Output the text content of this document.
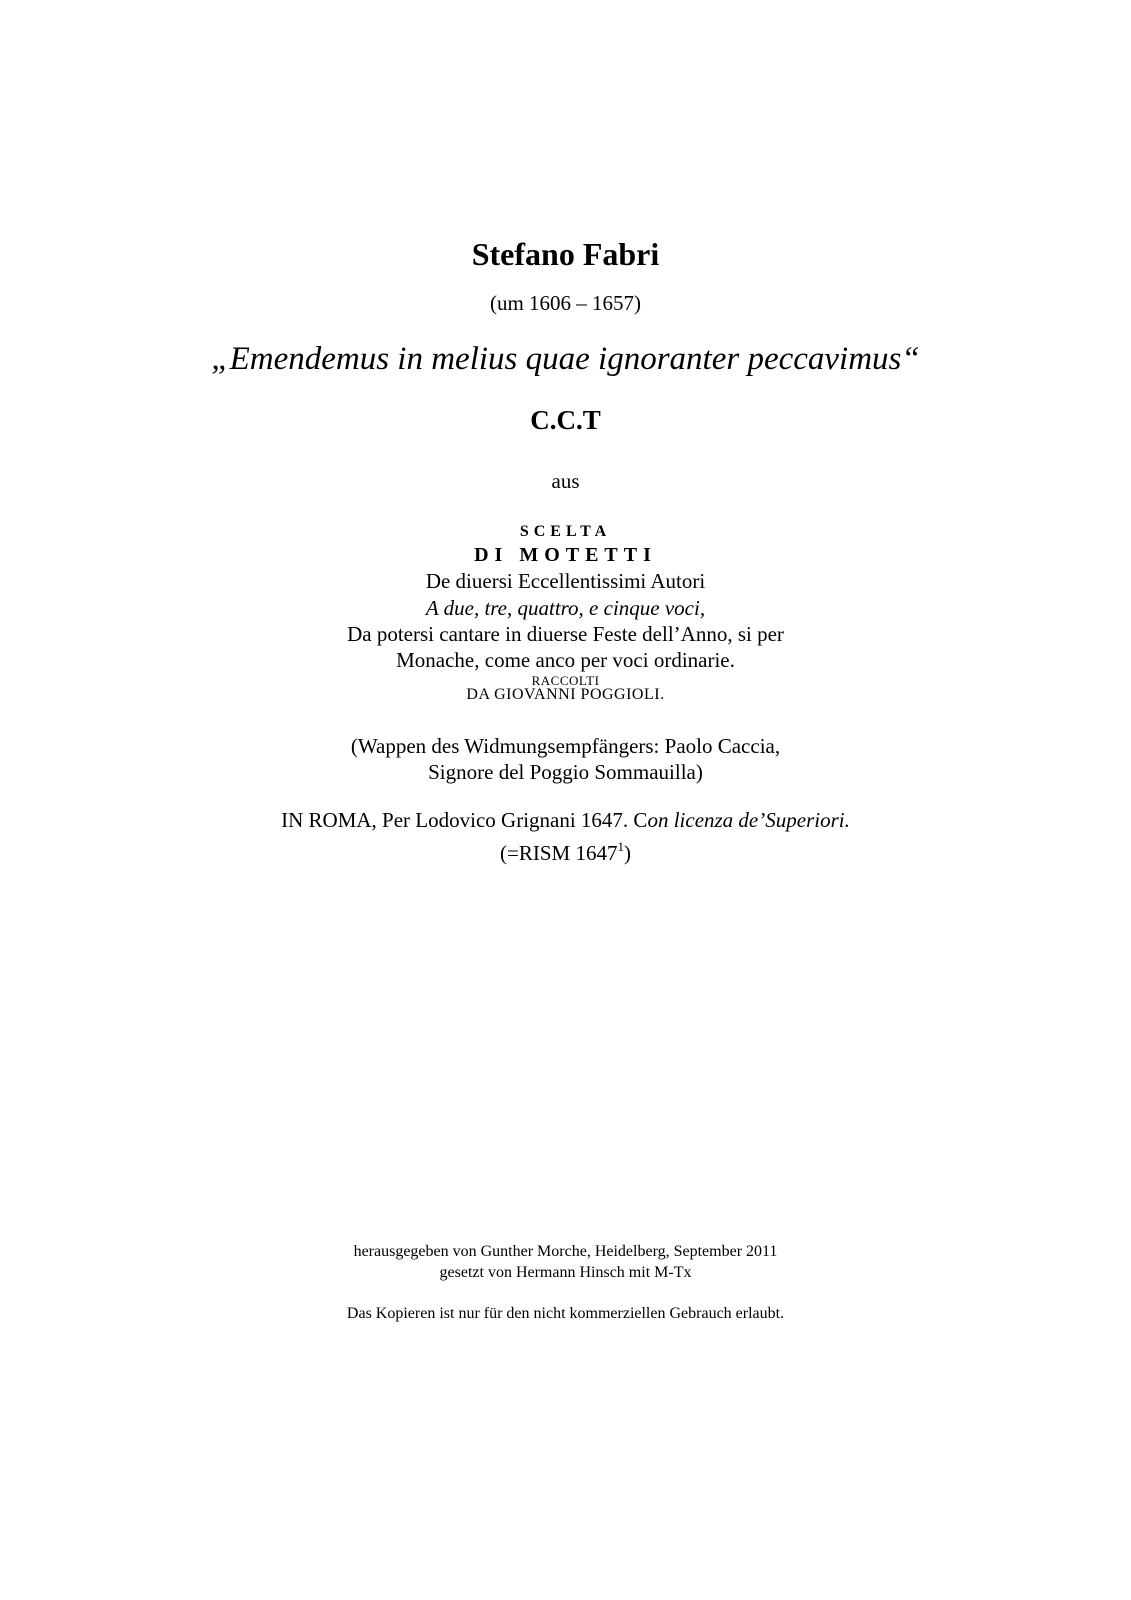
Stefano Fabri

(um 1606 – 1657)

„Emendemus in melius quae ignoranter peccavimus“

C.C.T

aus

SCELTA

DI MOTETTI

De diuersi Eccellentissimi Autori

A due, tre, quattro, e cinque voci,

Da potersi cantare in diuerse Feste dell’Anno, si per

Monache, come anco per voci ordinarie.

RACCOLTI

DA GIOVANNI POGGIOLI.

(Wappen des Widmungsempfängers: Paolo Caccia,

Signore del Poggio Sommauilla)

IN ROMA, Per Lodovico Grignani 1647. Con licenza de’Superiori.

(=RISM 1647$^1$)

herausgegeben von Gunther Morche, Heidelberg, September 2011

gesetzt von Hermann Hinsch mit M-Tx

Das Kopieren ist nur für den nicht kommerziellen Gebrauch erlaubt.
